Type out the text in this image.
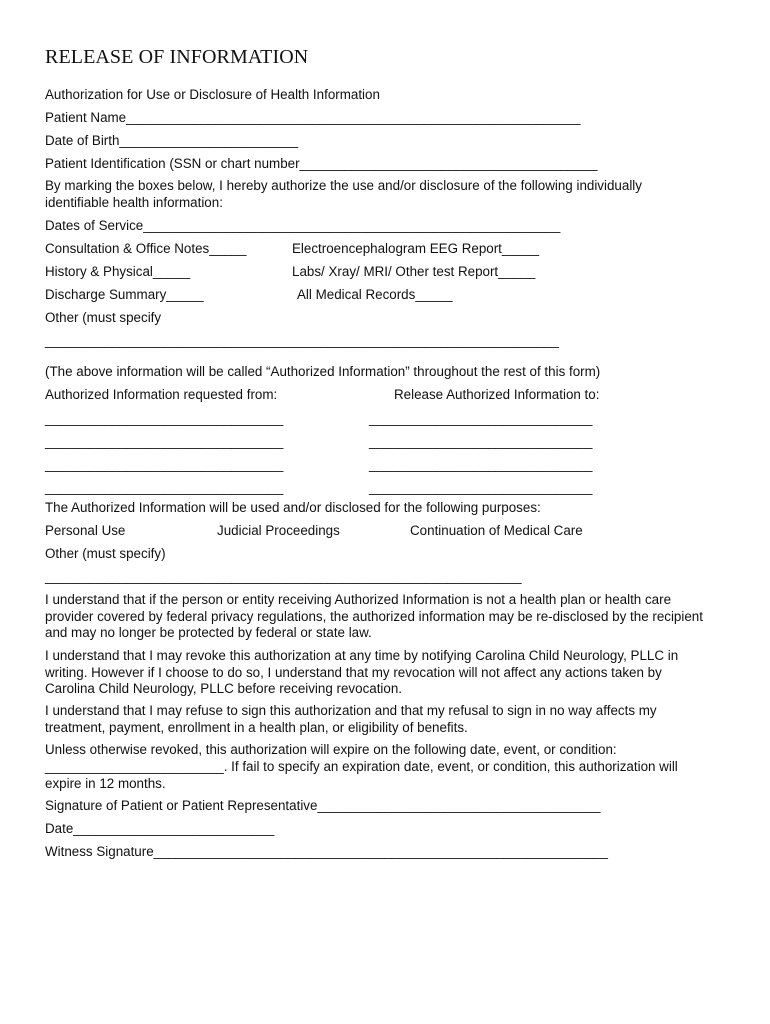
RELEASE OF INFORMATION
Authorization for Use or Disclosure of Health Information
Patient Name_____________________________________________________________
Date of Birth________________________
Patient Identification (SSN or chart number________________________________________
By marking the boxes below, I hereby authorize the use and/or disclosure of the following individually identifiable health information:
Dates of Service________________________________________________________
Consultation & Office Notes_____	Electroencephalogram EEG Report_____
History & Physical_____	Labs/ Xray/ MRI/ Other test Report_____
Discharge Summary_____	All Medical Records_____
Other (must specify
_____________________________________________________________________
(The above information will be called “Authorized Information” throughout the rest of this form)
Authorized Information requested from:	Release Authorized Information to:
________________________________	______________________________
________________________________	______________________________
________________________________	______________________________
________________________________	______________________________
The Authorized Information will be used and/or disclosed for the following purposes:
Personal Use	Judicial Proceedings	Continuation of Medical Care
Other (must specify)
________________________________________________________________
I understand that if the person or entity receiving Authorized Information is not a health plan or health care provider covered by federal privacy regulations, the authorized information may be re-disclosed by the recipient and may no longer be protected by federal or state law.
I understand that I may revoke this authorization at any time by notifying Carolina Child Neurology, PLLC in writing. However if I choose to do so, I understand that my revocation will not affect any actions taken by Carolina Child Neurology, PLLC before receiving revocation.
I understand that I may refuse to sign this authorization and that my refusal to sign in no way affects my treatment, payment, enrollment in a health plan, or eligibility of benefits.
Unless otherwise revoked, this authorization will expire on the following date, event, or condition:
________________________. If fail to specify an expiration date, event, or condition, this authorization will
expire in 12 months.
Signature of Patient or Patient Representative______________________________________
Date___________________________
Witness Signature_____________________________________________________________
